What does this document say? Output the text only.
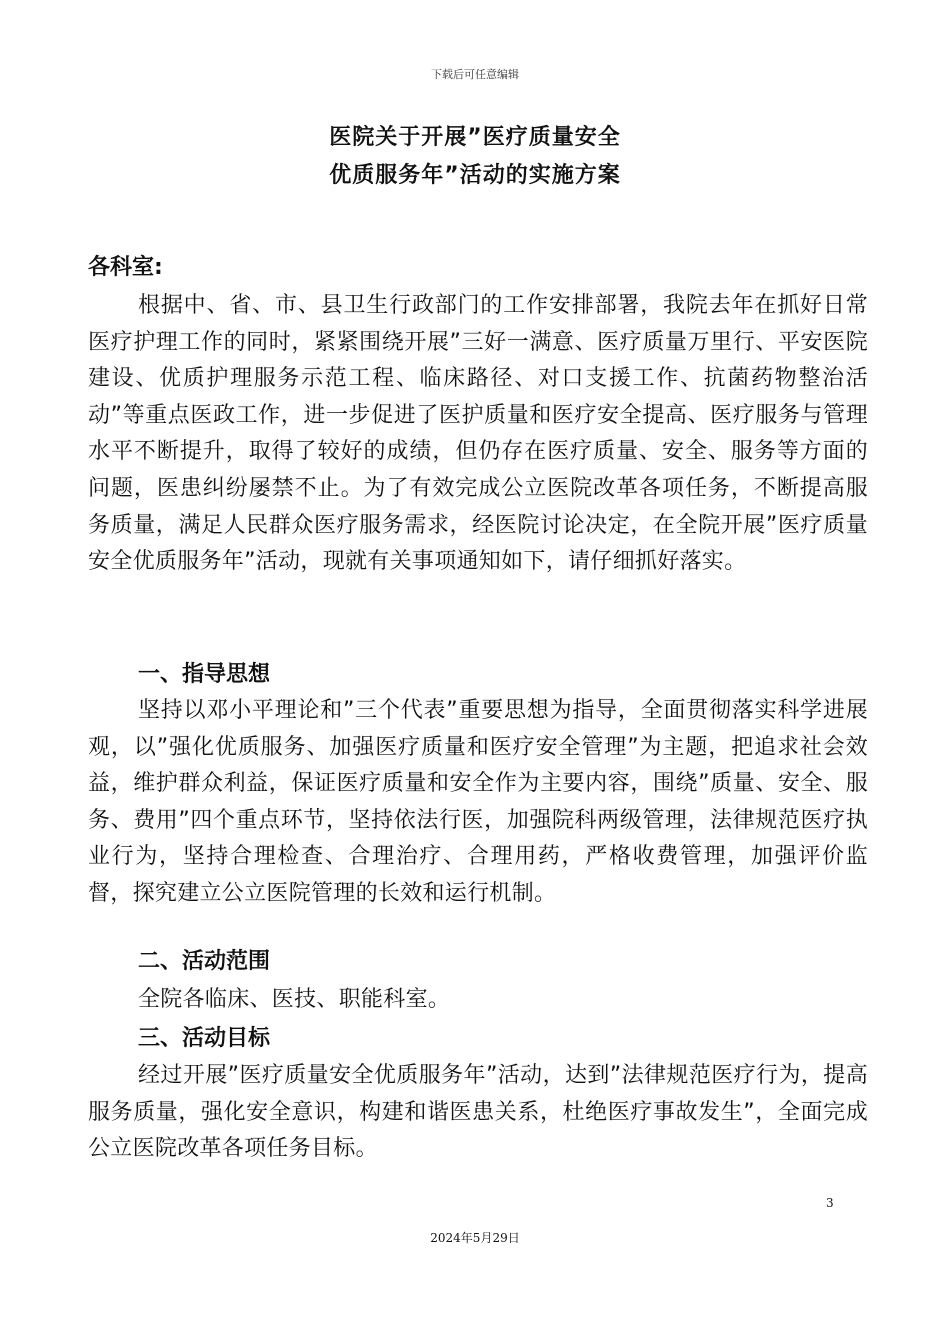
下载后可任意编辑
医院关于开展”医疗质量安全
优质服务年”活动的实施方案
各科室:
根据中、省、市、县卫生行政部门的工作安排部署，我院去年在抓好日常医疗护理工作的同时，紧紧围绕开展”三好一满意、医疗质量万里行、平安医院建设、优质护理服务示范工程、临床路径、对口支援工作、抗菌药物整治活动”等重点医政工作，进一步促进了医护质量和医疗安全提高、医疗服务与管理水平不断提升，取得了较好的成绩，但仍存在医疗质量、安全、服务等方面的问题，医患纠纷屡禁不止。为了有效完成公立医院改革各项任务，不断提高服务质量，满足人民群众医疗服务需求，经医院讨论决定，在全院开展”医疗质量安全优质服务年”活动，现就有关事项通知如下，请仔细抓好落实。
一、指导思想
坚持以邓小平理论和”三个代表”重要思想为指导，全面贯彻落实科学进展观，以”强化优质服务、加强医疗质量和医疗安全管理”为主题，把追求社会效益，维护群众利益，保证医疗质量和安全作为主要内容，围绕”质量、安全、服务、费用”四个重点环节，坚持依法行医，加强院科两级管理，法律规范医疗执业行为，坚持合理检查、合理治疗、合理用药，严格收费管理，加强评价监督，探究建立公立医院管理的长效和运行机制。
二、活动范围
全院各临床、医技、职能科室。
三、活动目标
经过开展”医疗质量安全优质服务年”活动，达到”法律规范医疗行为，提高服务质量，强化安全意识，构建和谐医患关系，杜绝医疗事故发生”，全面完成公立医院改革各项任务目标。
3
2024年5月29日
